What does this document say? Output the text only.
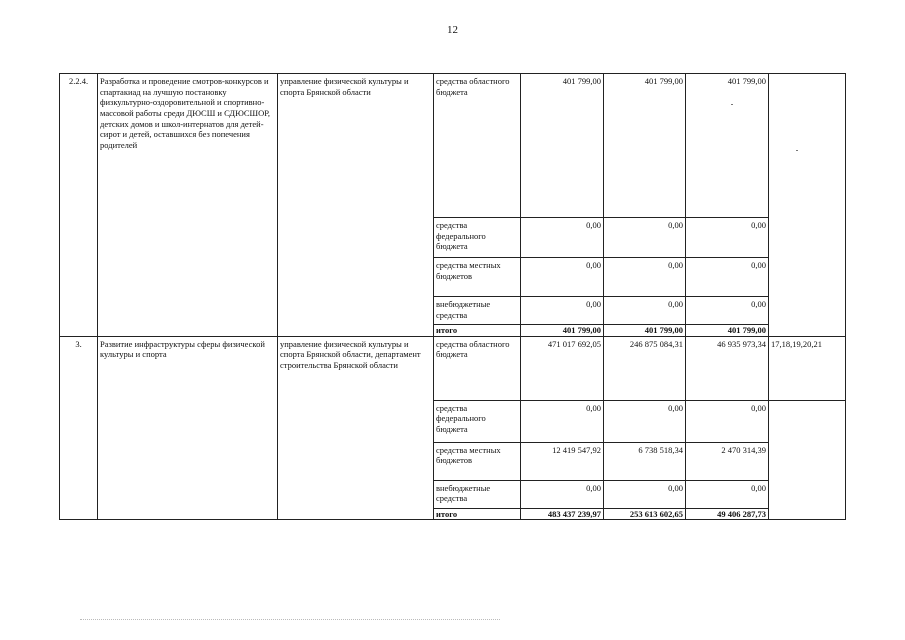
12
2.2.4.	Разработка и проведение смотров-конкурсов и спартакиад на лучшую постановку физкультурно-оздоровительной и спортивно-массовой работы среди ДЮСШ и СДЮСШОР, детских домов и школ-интернатов для детей-сирот и детей, оставшихся без попечения родителей	управление физической культуры и спорта Брянской области	средства областного бюджета	401 799,00	401 799,00	401 799,00	
			средства федерального бюджета	0,00	0,00	0,00	
			средства местных бюджетов	0,00	0,00	0,00	
			внебюджетные средства	0,00	0,00	0,00	
			итого	401 799,00	401 799,00	401 799,00	
3.	Развитие инфраструктуры сферы физической культуры и спорта	управление физической культуры и спорта Брянской области, департамент строительства Брянской области	средства областного бюджета	471 017 692,05	246 875 084,31	46 935 973,34	17,18,19,20,21
			средства федерального бюджета	0,00	0,00	0,00	
			средства местных бюджетов	12 419 547,92	6 738 518,34	2 470 314,39	
			внебюджетные средства	0,00	0,00	0,00	
			итого	483 437 239,97	253 613 602,65	49 406 287,73	
